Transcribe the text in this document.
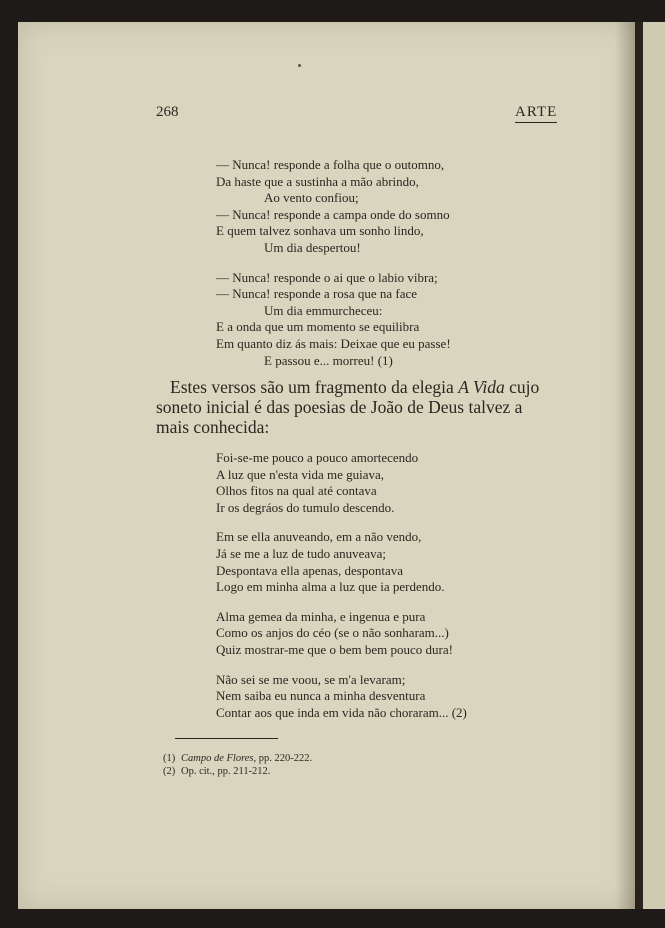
268	ARTE
— Nunca! responde a folha que o outomno,
Da haste que a sustinha a mão abrindo,
Ao vento confiou;
— Nunca! responde a campa onde do somno
E quem talvez sonhava um sonho lindo,
Um dia despertou!
— Nunca! responde o ai que o labio vibra;
— Nunca! responde a rosa que na face
Um dia emmurcheceu:
E a onda que um momento se equilibra
Em quanto diz ás mais: Deixae que eu passe!
E passou e... morreu! (1)
Estes versos são um fragmento da elegia A Vida cujo soneto inicial é das poesias de João de Deus talvez a mais conhecida:
Foi-se-me pouco a pouco amortecendo
A luz que n'esta vida me guiava,
Olhos fitos na qual até contava
Ir os degráos do tumulo descendo.
Em se ella anuveando, em a não vendo,
Já se me a luz de tudo anuveava;
Despontava ella apenas, despontava
Logo em minha alma a luz que ia perdendo.
Alma gemea da minha, e ingenua e pura
Como os anjos do céo (se o não sonharam...)
Quiz mostrar-me que o bem bem pouco dura!
Não sei se me voou, se m'a levaram;
Nem saiba eu nunca a minha desventura
Contar aos que inda em vida não choraram... (2)
(1) Campo de Flores, pp. 220-222.
(2) Op. cit., pp. 211-212.
